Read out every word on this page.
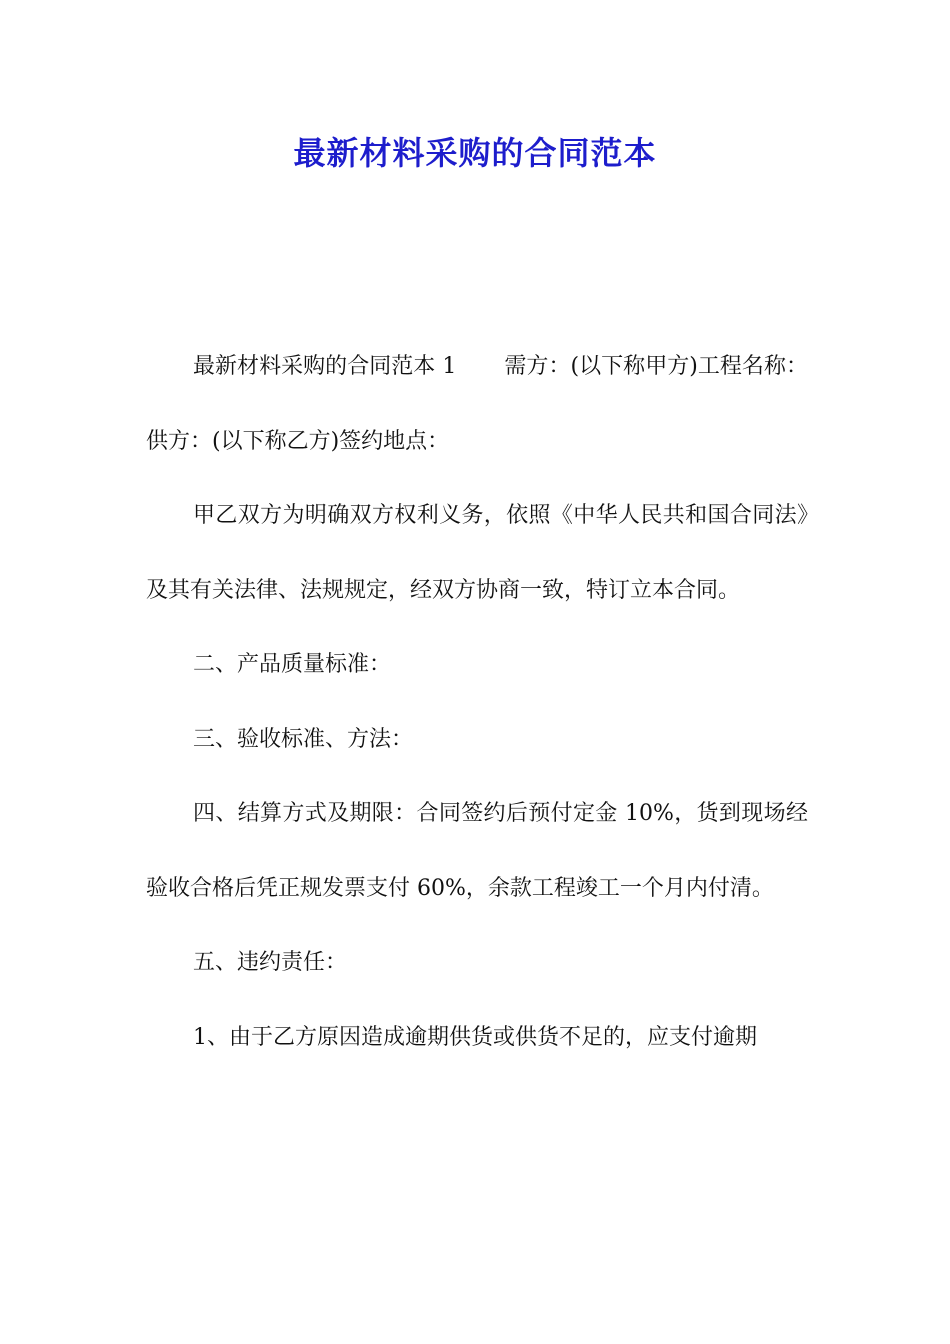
最新材料采购的合同范本

最新材料采购的合同范本 1 需方：(以下称甲方)工程名称：供方：(以下称乙方)签约地点：

甲乙双方为明确双方权利义务，依照《中华人民共和国合同法》及其有关法律、法规规定，经双方协商一致，特订立本合同。

二、产品质量标准：

三、验收标准、方法：

四、结算方式及期限：合同签约后预付定金 10%，货到现场经验收合格后凭正规发票支付 60%，余款工程竣工一个月内付清。

五、违约责任：

1、由于乙方原因造成逾期供货或供货不足的，应支付逾期
